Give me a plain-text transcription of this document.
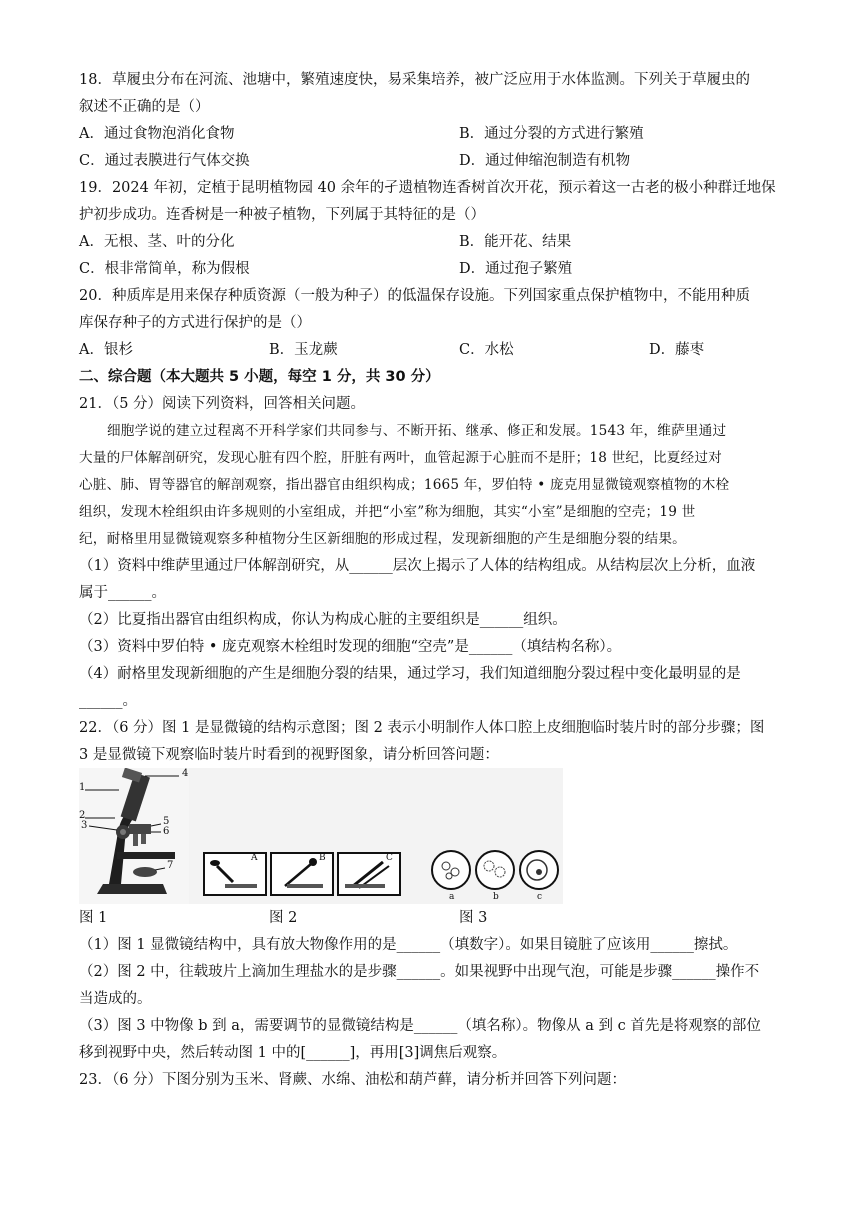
18．草履虫分布在河流、池塘中，繁殖速度快，易采集培养，被广泛应用于水体监测。下列关于草履虫的
叙述不正确的是（）
A．通过食物泡消化食物	B．通过分裂的方式进行繁殖
C．通过表膜进行气体交换	D．通过伸缩泡制造有机物
19．2024 年初，定植于昆明植物园 40 余年的孑遗植物连香树首次开花，预示着这一古老的极小种群迁地保
护初步成功。连香树是一种被子植物，下列属于其特征的是（）
A．无根、茎、叶的分化	B．能开花、结果
C．根非常简单，称为假根	D．通过孢子繁殖
20．种质库是用来保存种质资源（一般为种子）的低温保存设施。下列国家重点保护植物中，不能用种质
库保存种子的方式进行保护的是（）
A．银杉	B．玉龙蕨	C．水松	D．藤枣
二、综合题（本大题共 5 小题，每空 1 分，共 30 分）
21．（5 分）阅读下列资料，回答相关问题。
细胞学说的建立过程离不开科学家们共同参与、不断开拓、继承、修正和发展。1543 年，维萨里通过
大量的尸体解剖研究，发现心脏有四个腔，肝脏有两叶，血管起源于心脏而不是肝；18 世纪，比夏经过对
心脏、肺、胃等器官的解剖观察，指出器官由组织构成；1665 年，罗伯特 • 庞克用显微镜观察植物的木栓
组织，发现木栓组织由许多规则的小室组成，并把“小室”称为细胞，其实“小室”是细胞的空壳；19 世
纪，耐格里用显微镜观察多种植物分生区新细胞的形成过程，发现新细胞的产生是细胞分裂的结果。
（1）资料中维萨里通过尸体解剖研究，从______层次上揭示了人体的结构组成。从结构层次上分析，血液
属于______。
（2）比夏指出器官由组织构成，你认为构成心脏的主要组织是______组织。
（3）资料中罗伯特 • 庞克观察木栓组时发现的细胞“空壳”是______（填结构名称）。
（4）耐格里发现新细胞的产生是细胞分裂的结果，通过学习，我们知道细胞分裂过程中变化最明显的是
______。
22．（6 分）图 1 是显微镜的结构示意图；图 2 表示小明制作人体口腔上皮细胞临时装片时的部分步骤；图
3 是显微镜下观察临时装片时看到的视野图象，请分析回答问题：
4
1
2
3	5
6
7
A	B	C
a	b	c
图 1	图 2	图 3
（1）图 1 显微镜结构中，具有放大物像作用的是______（填数字）。如果目镜脏了应该用______擦拭。
（2）图 2 中，往载玻片上滴加生理盐水的是步骤______。如果视野中出现气泡，可能是步骤______操作不
当造成的。
（3）图 3 中物像 b 到 a，需要调节的显微镜结构是______（填名称）。物像从 a 到 c 首先是将观察的部位
移到视野中央，然后转动图 1 中的[______]，再用[3]调焦后观察。
23．（6 分）下图分别为玉米、肾蕨、水绵、油松和葫芦藓，请分析并回答下列问题：
